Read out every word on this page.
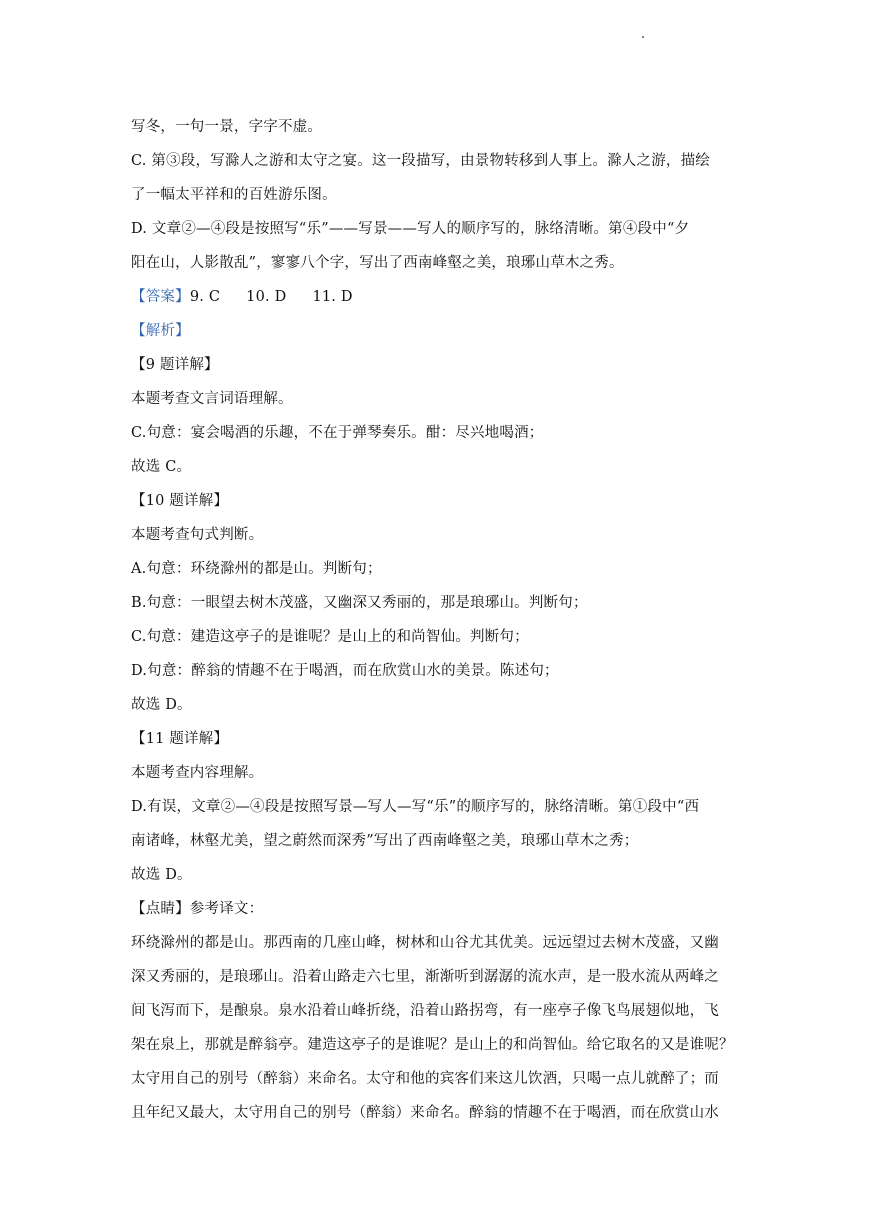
写冬，一句一景，字字不虚。
C. 第③段，写滁人之游和太守之宴。这一段描写，由景物转移到人事上。滁人之游，描绘
了一幅太平祥和的百姓游乐图。
D. 文章②—④段是按照写“乐”——写景——写人的顺序写的，脉络清晰。第④段中“夕
阳在山，人影散乱”，寥寥八个字，写出了西南峰壑之美，琅琊山草木之秀。
【答案】9. C 10. D 11. D
【解析】
【9 题详解】
本题考查文言词语理解。
C.句意：宴会喝酒的乐趣，不在于弹琴奏乐。酣：尽兴地喝酒；
故选 C。
【10 题详解】
本题考查句式判断。
A.句意：环绕滁州的都是山。判断句；
B.句意：一眼望去树木茂盛，又幽深又秀丽的，那是琅琊山。判断句；
C.句意：建造这亭子的是谁呢？是山上的和尚智仙。判断句；
D.句意：醉翁的情趣不在于喝酒，而在欣赏山水的美景。陈述句；
故选 D。
【11 题详解】
本题考查内容理解。
D.有误，文章②—④段是按照写景—写人—写“乐”的顺序写的，脉络清晰。第①段中“西
南诸峰，林壑尤美，望之蔚然而深秀”写出了西南峰壑之美，琅琊山草木之秀；
故选 D。
【点睛】参考译文：
环绕滁州的都是山。那西南的几座山峰，树林和山谷尤其优美。远远望过去树木茂盛，又幽
深又秀丽的，是琅琊山。沿着山路走六七里，渐渐听到潺潺的流水声，是一股水流从两峰之
间飞泻而下，是酿泉。泉水沿着山峰折绕，沿着山路拐弯，有一座亭子像飞鸟展翅似地，飞
架在泉上，那就是醉翁亭。建造这亭子的是谁呢？是山上的和尚智仙。给它取名的又是谁呢？
太守用自己的别号（醉翁）来命名。太守和他的宾客们来这儿饮酒，只喝一点儿就醉了；而
且年纪又最大，太守用自己的别号（醉翁）来命名。醉翁的情趣不在于喝酒，而在欣赏山水
